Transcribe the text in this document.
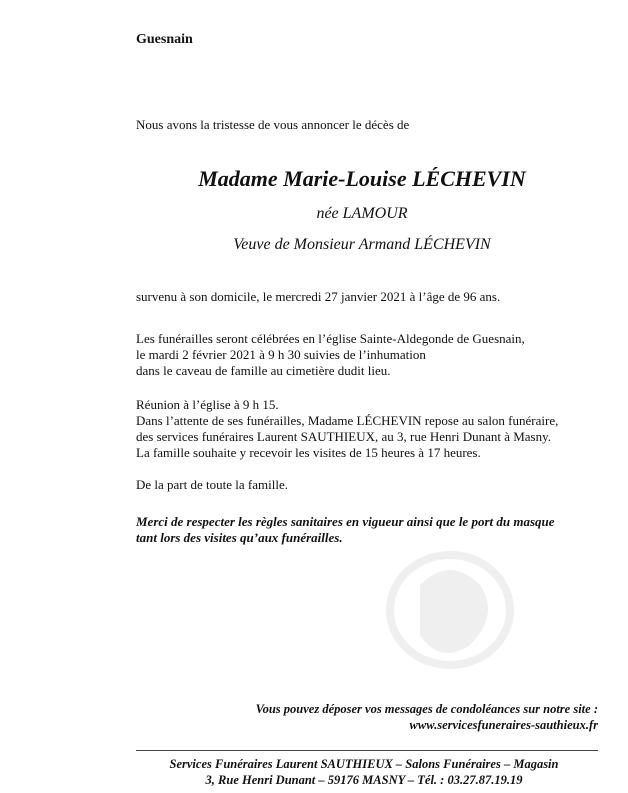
Guesnain
Nous avons la tristesse de vous annoncer le décès de
Madame Marie-Louise LÉCHEVIN
née LAMOUR
Veuve de Monsieur Armand LÉCHEVIN
survenu à son domicile, le mercredi 27 janvier 2021 à l’âge de 96 ans.
Les funérailles seront célébrées en l’église Sainte-Aldegonde de Guesnain,
le mardi 2 février 2021 à 9 h 30 suivies de l’inhumation
dans le caveau de famille au cimetière dudit lieu.
Réunion à l’église à 9 h 15.
Dans l’attente de ses funérailles, Madame LÉCHEVIN repose au salon funéraire,
des services funéraires Laurent SAUTHIEUX, au 3, rue Henri Dunant à Masny.
La famille souhaite y recevoir les visites de 15 heures à 17 heures.
De la part de toute la famille.
Merci de respecter les règles sanitaires en vigueur ainsi que le port du masque
tant lors des visites qu’aux funérailles.
Vous pouvez déposer vos messages de condoléances sur notre site :
www.servicesfuneraires-sauthieux.fr
Services Funéraires Laurent SAUTHIEUX – Salons Funéraires – Magasin
3, Rue Henri Dunant – 59176 MASNY – Tél. : 03.27.87.19.19
